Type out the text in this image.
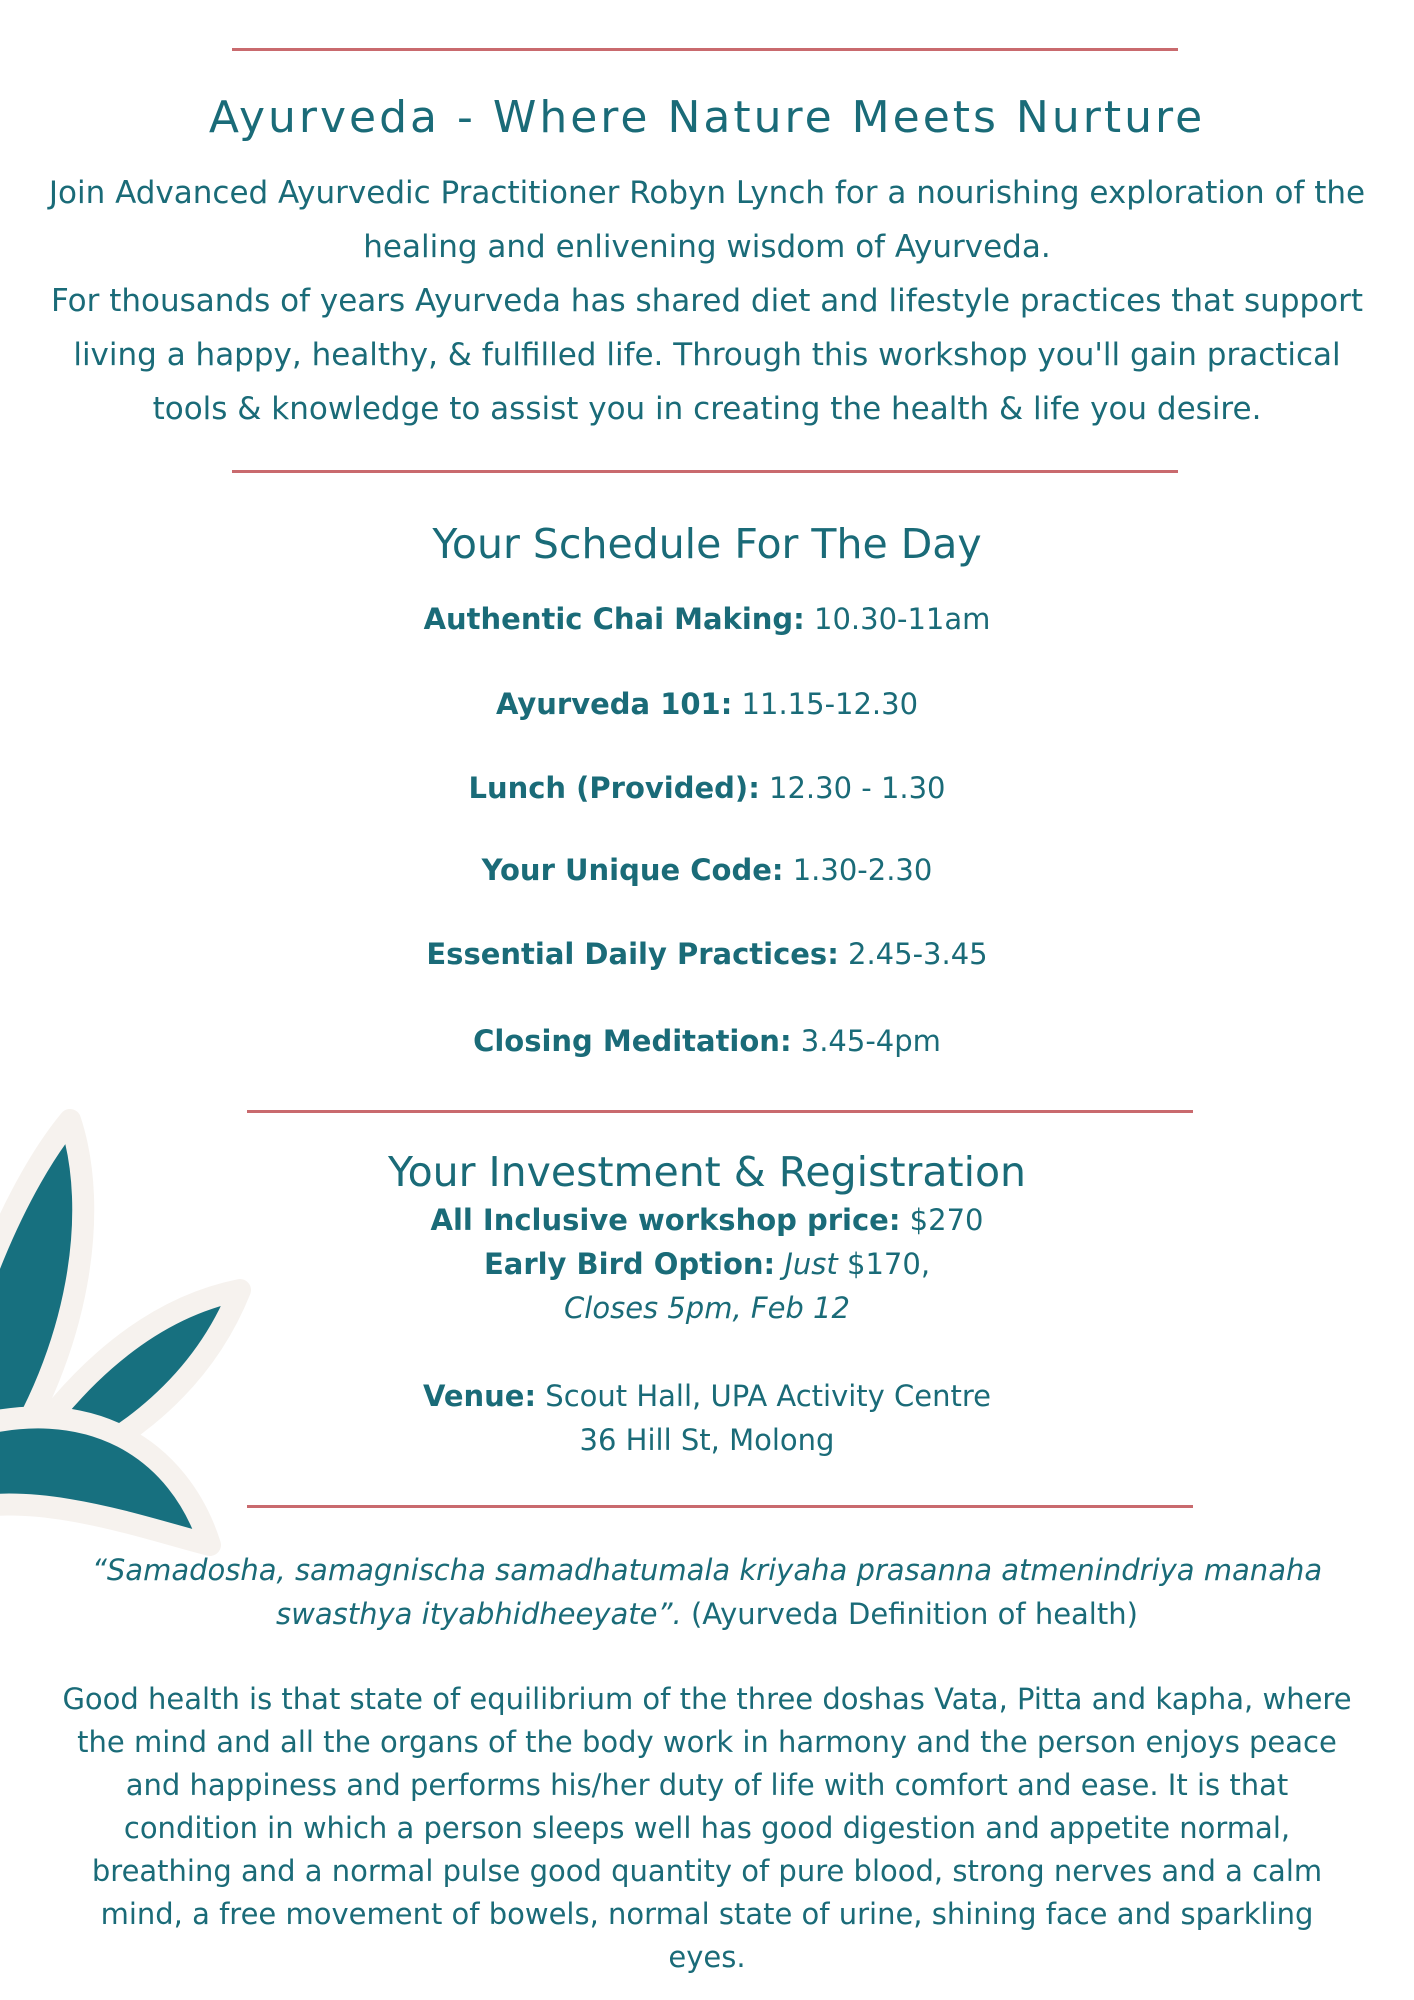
Ayurveda - Where Nature Meets Nurture

Join Advanced Ayurvedic Practitioner Robyn Lynch for a nourishing exploration of the healing and enlivening wisdom of Ayurveda.

For thousands of years Ayurveda has shared diet and lifestyle practices that support living a happy, healthy, & fulfilled life. Through this workshop you'll gain practical tools & knowledge to assist you in creating the health & life you desire.

Your Schedule For The Day
Authentic Chai Making: 10.30-11am
Ayurveda 101: 11.15-12.30
Lunch (Provided): 12.30 - 1.30
Your Unique Code: 1.30-2.30
Essential Daily Practices: 2.45-3.45
Closing Meditation: 3.45-4pm
Your Investment & Registration

All Inclusive workshop price: $270

Early Bird Option: Just $170,

Closes 5pm, Feb 12

Venue: Scout Hall, UPA Activity Centre

36 Hill St, Molong

“Samadosha, samagnischa samadhatumala kriyaha prasanna atmenindriya manaha swasthya ityabhidheeyate”. (Ayurveda Definition of health)
Good health is that state of equilibrium of the three doshas Vata, Pitta and kapha, where the mind and all the organs of the body work in harmony and the person enjoys peace and happiness and performs his/her duty of life with comfort and ease. It is that condition in which a person sleeps well has good digestion and appetite normal, breathing and a normal pulse good quantity of pure blood, strong nerves and a calm mind, a free movement of bowels, normal state of urine, shining face and sparkling eyes.
